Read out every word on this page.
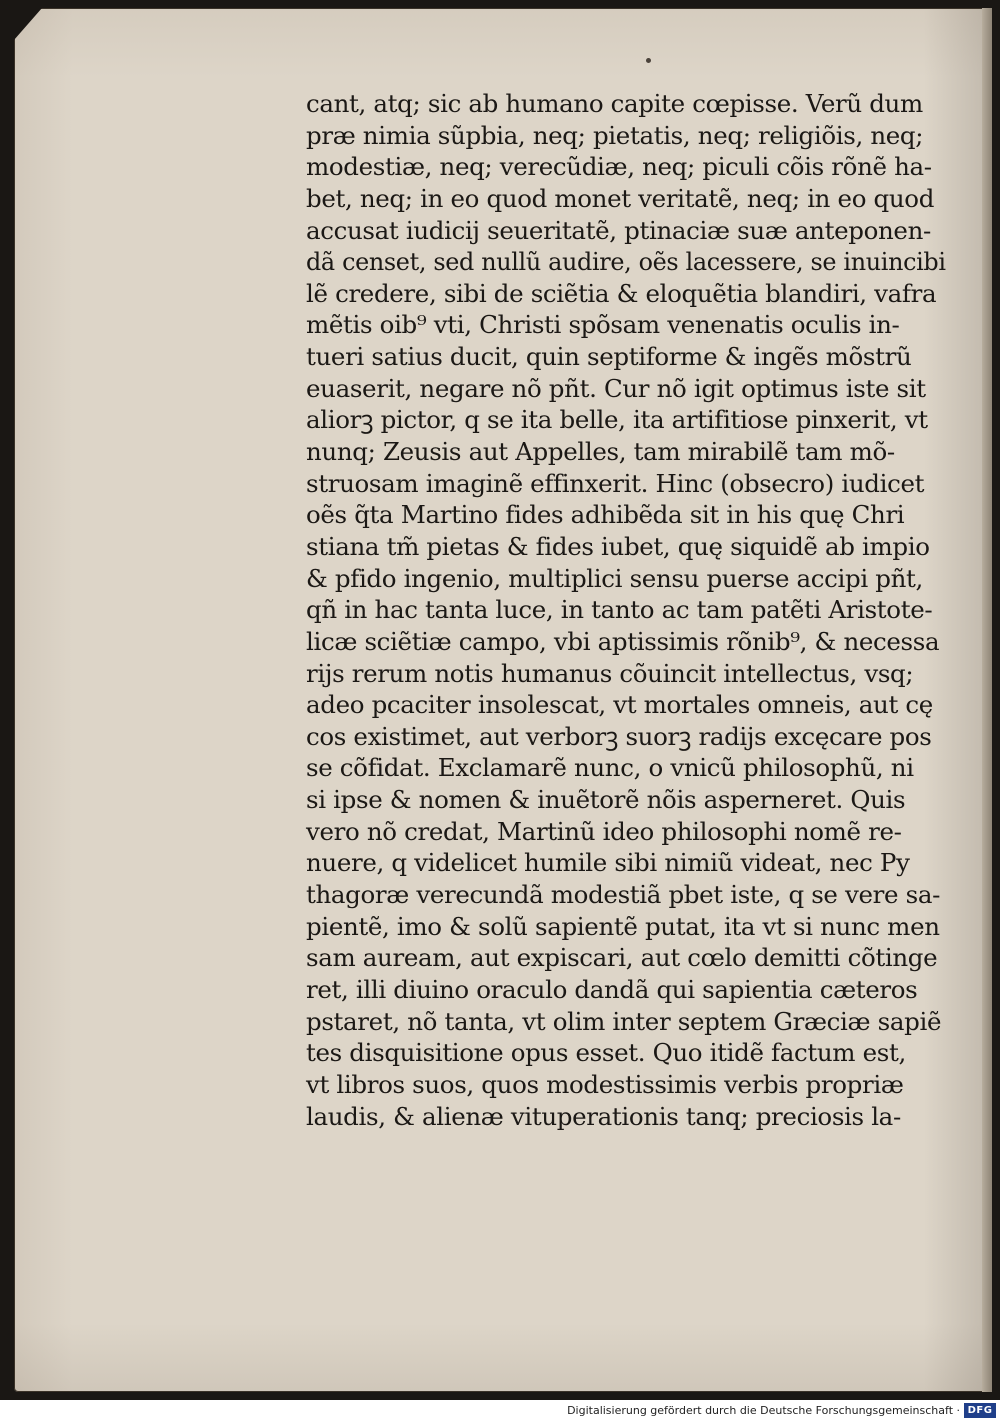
cant, atq; sic ab humano capite cœpisse. Verũ dum
præ nimia sũpbia, neq; pietatis, neq; religiõis, neq;
modestiæ, neq; verecũdiæ, neq; piculi cõis rõnẽ ha-
bet, neq; in eo quod monet veritatẽ, neq; in eo quod
accusat iudicij seueritatẽ, ptinaciæ suæ anteponen-
dã censet, sed nullũ audire, oẽs lacessere, se inuincibi
lẽ credere, sibi de sciẽtia & eloquẽtia blandiri, vafra
mẽtis oib⁹ vti, Christi spõsam venenatis oculis in-
tueri satius ducit, quin septiforme & ingẽs mõstrũ
euaserit, negare nõ pñt. Cur nõ igit optimus iste sit
aliorꝫ pictor, q se ita belle, ita artifitiose pinxerit, vt
nunq; Zeusis aut Appelles, tam mirabilẽ tam mõ-
struosam imaginẽ effinxerit. Hinc (obsecro) iudicet
oẽs q̃ta Martino fides adhibẽda sit in his quę Chri
stiana tm̃ pietas & fides iubet, quę siquidẽ ab impio
& pfido ingenio, multiplici sensu puerse accipi pñt,
qñ in hac tanta luce, in tanto ac tam patẽti Aristote-
licæ sciẽtiæ campo, vbi aptissimis rõnib⁹, & necessa
rijs rerum notis humanus cõuincit intellectus, vsq;
adeo pcaciter insolescat, vt mortales omneis, aut cę
cos existimet, aut verborꝫ suorꝫ radijs excęcare pos
se cõfidat. Exclamarẽ nunc, o vnicũ philosophũ, ni
si ipse & nomen & inuẽtorẽ nõis asperneret. Quis
vero nõ credat, Martinũ ideo philosophi nomẽ re-
nuere, q videlicet humile sibi nimiũ videat, nec Py
thagoræ verecundã modestiã pbet iste, q se vere sa-
pientẽ, imo & solũ sapientẽ putat, ita vt si nunc men
sam auream, aut expiscari, aut cœlo demitti cõtinge
ret, illi diuino oraculo dandã qui sapientia cæteros
pstaret, nõ tanta, vt olim inter septem Græciæ sapiẽ
tes disquisitione opus esset. Quo itidẽ factum est,
vt libros suos, quos modestissimis verbis propriæ
laudis, & alienæ vituperationis tanq; preciosis la-
Digitalisierung gefördert durch die Deutsche Forschungsgemeinschaft · DFG
